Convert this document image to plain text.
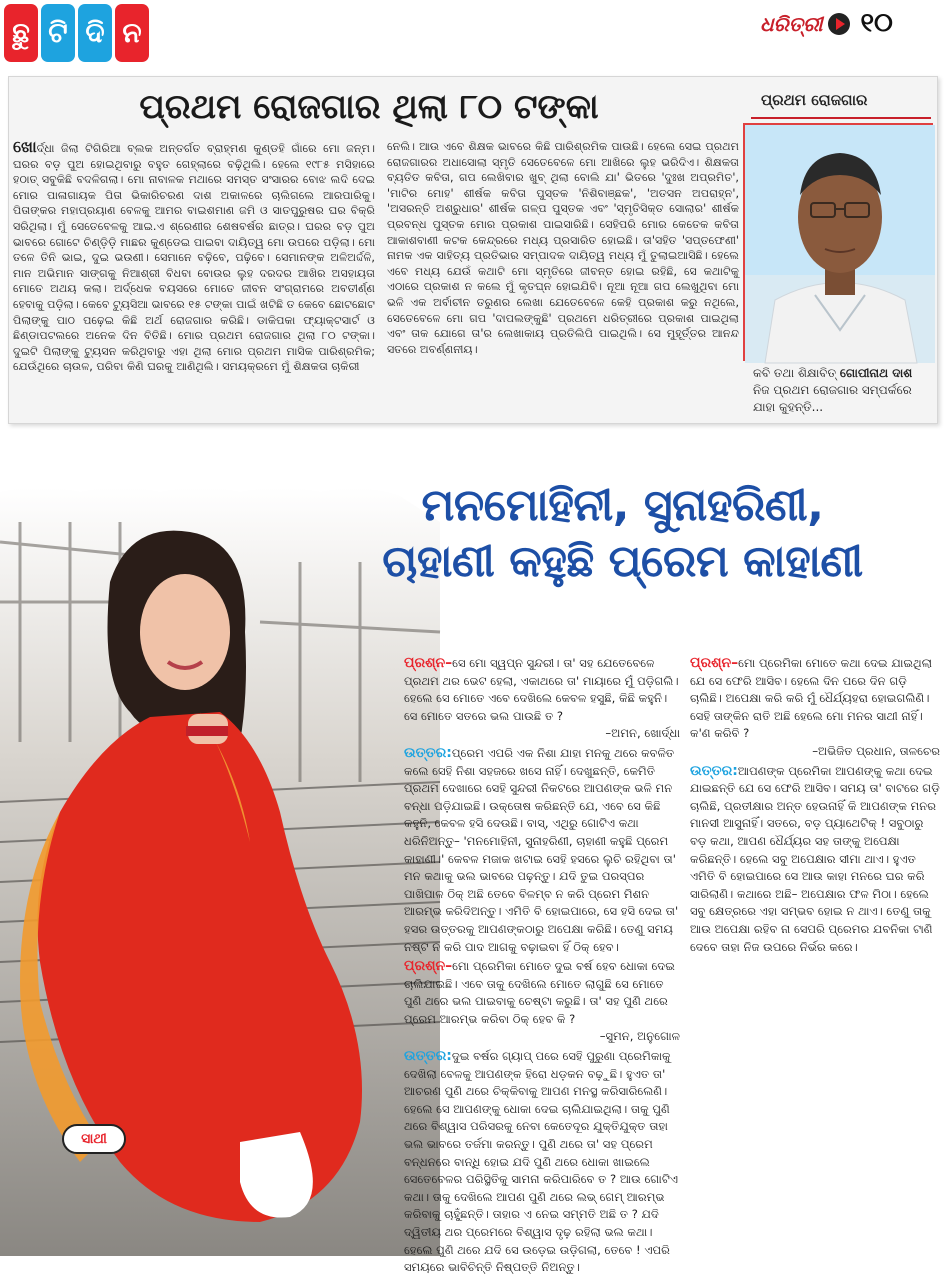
ଛୁ ଟି ଦି ନ	ଧରିତ୍ରୀ ୧୦
ପ୍ରଥମ ରୋଜଗାର ଥିଲା ୮୦ ଟଙ୍କା	ପ୍ରଥମ ରୋଜଗାର
ଖୋର୍ଦ୍ଧା ଜିଲା ଟିଗିରିଆ ବ୍ଲକ ଅନ୍ତର୍ଗତ ବ୍ରାହ୍ମଣ କୁଣ୍ଡହି ଗାଁରେ ମୋ ଜନ୍ମ। ଘରର ବଡ଼ ପୁଅ ହୋଇଥିବାରୁ ବହୁତ ଗେହ୍ଲାରେ ବଢ଼ିଥିଲି। ହେଲେ ୧୯୮୫ ମସିହାରେ ହଠାତ୍ ସବୁକିଛି ବଦଳିଗଲା। ମୋ ନାବାଳକ ମଥାରେ ସମସ୍ତ ସଂସାରର ବୋଝ ଲଦି ଦେଇ ମୋର ପାଳାଗାୟକ ପିତା ଭିକାରିଚରଣ ଦାଶ ଅକାଳରେ ଚାଲିଗଲେ ଆରପାରିକୁ। ପିତାଙ୍କର ମହାପ୍ରୟାଣ ବେଳକୁ ଆମର ବାଇଶମାଣ ଜମି ଓ ସାତପୁରୁଷର ଘର ବିକ୍ରି ସରିଥିଲା। ମୁଁ ସେତେବେଳକୁ ଆଇ.ଏ ଶ୍ରେଣୀର ଶେଷବର୍ଷର ଛାତ୍ର। ଘରର ବଡ଼ ପୁଅ ଭାବରେ ଗୋଟେ ଚିଣ୍ଡ଼ିଡ଼ି ମାଛର କୁଣ୍ଡେଇ ପାଇବା ଦାୟିତ୍ୱ ମୋ ଉପରେ ପଡ଼ିଲା। ମୋ ତଳେ ତିନି ଭାଇ, ଦୁଇ ଭଉଣୀ। ସେମାନେ ବଢ଼ିବେ, ପଢ଼ିବେ। ସେମାନଙ୍କ ଅଳିଅର୍ଦ୍ଦଳି, ମାନ ଅଭିମାନ ସାଙ୍ଗକୁ ନିଆଶ୍ରୀ ବିଧବା ବୋଉର ଲୁହ ଦରଦର ଆଖିର ଅସହାୟତା ମୋତେ ଅଥୟ କଲା। ଅର୍ଦ୍ଧେକ ବୟସରେ ମୋତେ ଜୀବନ ସଂଗ୍ରାମରେ ଅବତୀର୍ଣ୍ଣ ହେବାକୁ ପଡ଼ିଲା। କେବେ ଟ୍ୟୁସିଆ ଭାବରେ ୧୫ ଟଙ୍କା ପାଇଁ ଖଟିଛି ତ କେବେ ଛୋଟଛୋଟ ପିଲାଙ୍କୁ ପାଠ ପଢ଼େଇ କିଛି ଅର୍ଥ ରୋଜଗାର କରିଛି। ଡାକିପକା ଫ୍ୟାକ୍ଟସାର୍ଟ ଓ ଛିଣ୍ଡାପଟଲରେ ଅନେକ ଦିନ ବିତିଛି। ମୋର ପ୍ରଥମ ରୋଜଗାର ଥିଲା ୮୦ ଟଙ୍କା। ଦୁଇଟି ପିଲାଙ୍କୁ ଟ୍ୟୁସନ କରିଥିବାରୁ ଏହା ଥିଲା ମୋର ପ୍ରଥମ ମାସିକ ପାରିଶ୍ରମିକ; ଯେଉଁଥିରେ ଚାଉଳ, ପରିବା କିଣି ଘରକୁ ଆଣିଥିଲି। ସମୟକ୍ରମେ ମୁଁ ଶିକ୍ଷକତା ଚାକିରୀ
ନେଲି। ଆଉ ଏବେ ଶିକ୍ଷକ ଭାବରେ କିଛି ପାରିଶ୍ରମିକ ପାଉଛି। ହେଲେ ସେଇ ପ୍ରଥମ ରୋଜଗାରର ଅଧାସୋଲା ସ୍ମୃତି ସେତେବେଳେ ମୋ ଆଖିରେ ଲୁହ ଭରିଦିଏ। ଶିକ୍ଷକତା ବ୍ୟତିତ କବିତା, ଗପ ଲେଖିବାର ଖୁବ୍ ଥିଲା ବୋଲି ଯା' ଭିତରେ 'ଦୁଃଖ ଅପ୍ରମିତ', 'ମାଟିର ମୋହ' ଶୀର୍ଷକ କବିତା ପୁସ୍ତକ 'ନିଶିବାଞ୍ଛକ', 'ଅତସନ ଅପରାହ୍ନ', 'ଅସରନ୍ତି ଅଶ୍ରୁଧାର' ଶୀର୍ଷକ ଗଳ୍ପ ପୁସ୍ତକ ଏବଂ 'ସ୍ମୃତିସିକ୍ତ ସୋଲାର' ଶୀର୍ଷକ ପ୍ରବନ୍ଧ ପୁସ୍ତକ ମୋର ପ୍ରକାଶ ପାଇସାରିଛି। ସେହିପରି ମୋର କେତେକ କବିତା ଆକାଶବାଣୀ କଟକ କେନ୍ଦ୍ରରେ ମଧ୍ୟ ପ୍ରସାରିତ ହୋଇଛି। ତା'ସହିତ 'ସପ୍ତଫେଣୀ' ନାମକ ଏକ ସାହିତ୍ୟ ପ୍ରତିଭାର ସମ୍ପାଦକ ଦାୟିତ୍ୱ ମଧ୍ୟ ମୁଁ ତୁଲାଇଆସିଛି। ହେଲେ ଏବେ ମଧ୍ୟ ଯେଉଁ କଥାଟି ମୋ ସ୍ମୃତିରେ ଜୀବନ୍ତ ହୋଇ ରହିଛି, ସେ କଥାଟିକୁ ଏଠାରେ ପ୍ରକାଶ ନ କଲେ ମୁଁ କୃତଘ୍ନ ହୋଇଯିବି। ନୂଆ ନୂଆ ଗପ ଲେଖୁଥିବା ମୋ ଭଳି ଏକ ଅର୍ବାଚୀନ ତରୁଣର ଲେଖା ଯେତେବେଳେ କେହି ପ୍ରକାଶ କରୁ ନଥିଲେ, ସେତେବେଳେ ମୋ ଗପ 'ଦାପଲଙ୍କୁଛି' ପ୍ରଥମେ ଧରିତ୍ରୀରେ ପ୍ରକାଶ ପାଇଥିଲା ଏବଂ ତାକ ଯୋଗେ ତା'ର ଲେଖାକାୟ ପ୍ରତିଲିପି ପାଇଥିଲି। ସେ ମୁହୂର୍ତ୍ତର ଆନନ୍ଦ ସତରେ ଅବର୍ଣ୍ଣନୀୟ।
କବି ତଥା ଶିକ୍ଷାବିତ୍ ଗୋପୀନାଥ ଦାଶ ନିଜ ପ୍ରଥମ ରୋଜଗାର ସମ୍ପର୍କରେ ଯାହା କୁହନ୍ତି...
ମନମୋହିନୀ, ସୁନାହରିଣୀ,
ଚାହାଣୀ କହୁଛି ପ୍ରେମ କାହାଣୀ

ପ୍ରଶ୍ନ–ସେ ମୋ ସ୍ୱପ୍ନ ସୁନ୍ଦରୀ। ତା' ସହ ଯେତେବେଳେ ପ୍ରଥମ ଥର ଭେଟ ହେଲା, ଏକାଥରେ ତା' ମାୟାରେ ମୁଁ ପଡ଼ିଗଲି। ହେଲେ ସେ ମୋତେ ଏବେ ଦେଖିଲେ କେବଳ ହସୁଛି, କିଛି କହୁନି। ସେ ମୋତେ ସତରେ ଭଲ ପାଉଛି ତ ?
–ଅମନ, ଖୋର୍ଦ୍ଧା

ଉତ୍ତର:ପ୍ରେମ ଏପରି ଏକ ନିଶା ଯାହା ମନକୁ ଥରେ କବଳିତ କଲେ ସେହି ନିଶା ସହଜରେ ଖସେ ନାହିଁ। ଦେଖୁଛନ୍ତି, କେମିତି ପ୍ରଥମ ଦେଖାରେ ସେହି ସୁନ୍ଦରୀ ନିକଟରେ ଆପଣଙ୍କ ଭଳି ମନ ବନ୍ଧା ପଡ଼ିଯାଇଛି। ଉକ୍ତୋଷ କରିଛନ୍ତି ଯେ, ଏବେ ସେ କିଛି କହୁନି, କେବଳ ହସି ଦେଉଛି। ବାସ୍, ଏଥିରୁ ଗୋଟିଏ କଥା ଧରିନିଅନ୍ତୁ– 'ମନମୋହିନୀ, ସୁନାହରିଣୀ, ଚାହାଣୀ କହୁଛି ପ୍ରେମ କାହାଣୀ।' କେବଳ ମଜାକ ଖଟାଇ ସେହି ହସରେ ଲୁଚି ରହିଥିବା ତା' ମନ କଥାକୁ ଭଲ ଭାବରେ ପଢ଼ନ୍ତୁ। ଯଦି ତୁଇ ପରସ୍ପର ପାଖିପାଳ ଠିକ୍ ଅଛି ତେବେ ବିଳମ୍ବ ନ କରି ପ୍ରେମ ମିଶନ ଆରମ୍ଭ କରିଦିଅନ୍ତୁ। ଏମିତି ବି ହୋଇପାରେ, ସେ ହସି ଦେଇ ତା' ହସର ଉତ୍ତରକୁ ଆପଣଙ୍କଠାରୁ ଅପେକ୍ଷା କରିଛି। ତେଣୁ ସମୟ ନଷ୍ଟ ନ କରି ପାଦ ଆଗକୁ ବଢ଼ାଇବା ହିଁ ଠିକ୍ ହେବ।

ପ୍ରଶ୍ନ–ମୋ ପ୍ରେମିକା ମୋତେ ଦୁଇ ବର୍ଷ ହେବ ଧୋକା ଦେଇ ଚାଲିଯାଇଛି। ଏବେ ତାକୁ ଦେଖିଲେ ମୋତେ ଲାଗୁଛି ସେ ମୋତେ ପୁଣି ଥରେ ଭଲ ପାଇବାକୁ ଚେଷ୍ଟା କରୁଛି। ତା' ସହ ପୁଣି ଥରେ ପ୍ରେମ ଆରମ୍ଭ କରିବା ଠିକ୍ ହେବ କି ?
–ସୁମନ, ଅନୁଗୋଳ

ଉତ୍ତର:ଦୁଇ ବର୍ଷର ଗ୍ୟାପ୍ ପରେ ସେହି ପୁରୁଣା ପ୍ରେମିକାକୁ ଦେଖିଲା ବେଳକୁ ଆପଣଙ୍କ ହିରୋ ଧଡ଼କନ ବଢ଼ୁଛି। ହୁଏତ ତା' ଆଚରଣ ପୁଣି ଥରେ ଚିକ୍କିବାକୁ ଆପଣ ମନସ୍ଥ କରିସାରିଲେଣି। ହେଲେ ସେ ଆପଣଙ୍କୁ ଧୋକା ଦେଇ ଚାଲିଯାଇଥିଲା। ତାକୁ ପୁଣି ଥରେ ବିଶ୍ୱାସ ପରିସରକୁ ନେବା କେତେଦୂର ଯୁକ୍ତିଯୁକ୍ତ ତାହା ଭଲ ଭାବରେ ତର୍ଜମା କରନ୍ତୁ। ପୁଣି ଥରେ ତା' ସହ ପ୍ରେମ ବନ୍ଧନରେ ବାନ୍ଧି ହୋଇ ଯଦି ପୁଣି ଥରେ ଧୋକା ଖାଇଲେ ସେତେବେଳର ପରିସ୍ଥିତିକୁ ସାମନା କରିପାରିବେ ତ ? ଆଉ ଗୋଟିଏ କଥା। ତାକୁ ଦେଖିଲେ ଆପଣ ପୁଣି ଥରେ ଲଭ୍ ଗେମ୍ ଆରମ୍ଭ କରିବାକୁ ଚାହୁଁଛନ୍ତି। ତାହାର ଏ ନେଇ ସମ୍ମତି ଅଛି ତ ? ଯଦି ଦ୍ୱିତୀୟ ଥର ପ୍ରେମରେ ବିଶ୍ୱାସ ଦୃଢ଼ ରହିଲା ଭଲ କଥା। ହେଲେ ପୁଣି ଥରେ ଯଦି ସେ ଉଡ଼େଇ ଉଡ଼ିଗଲା, ତେବେ ! ଏପରି ସମୟରେ ଭାବିଚିନ୍ତି ନିଷ୍ପତ୍ତି ନିଅନ୍ତୁ।

ପ୍ରଶ୍ନ–ମୋ ପ୍ରେମିକା ମୋତେ କଥା ଦେଇ ଯାଇଥିଲା ଯେ ସେ ଫେରି ଆସିବ। ହେଲେ ଦିନ ପରେ ଦିନ ଗଡ଼ି ଚାଲିଛି। ଅପେକ୍ଷା କରି କରି ମୁଁ ଧୈର୍ଯ୍ୟହରା ହୋଇଗଲିଣି। ସେହି ତାଙ୍କିନ ରାତି ଅଛି ହେଲେ ମୋ ମନର ସାଥୀ ନାହିଁ। କ'ଣ କରିବି ?
–ଅଭିଜିତ ପ୍ରଧାନ, ତାଳଚେର

ଉତ୍ତର:ଆପଣଙ୍କ ପ୍ରେମିକା ଆପଣଙ୍କୁ କଥା ଦେଇ ଯାଇଛନ୍ତି ଯେ ସେ ଫେରି ଆସିବ। ସମୟ ତା' ବାଟରେ ଗଡ଼ି ଚାଲିଛି, ପ୍ରତୀକ୍ଷାର ଅନ୍ତ ହେଉନାହିଁ କି ଆପଣଙ୍କ ମନର ମାନସୀ ଆସୁନାହିଁ। ସତରେ, ବଡ଼ ପ୍ୟାଥେଟିକ୍ ! ସବୁଠାରୁ ବଡ଼ କଥା, ଆପଣ ଧୈର୍ଯ୍ୟର ସହ ତାଙ୍କୁ ଅପେକ୍ଷା କରିଛନ୍ତି। ହେଲେ ସବୁ ଅପେକ୍ଷାର ସୀମା ଥାଏ। ହୁଏତ ଏମିତି ବି ହୋଇପାରେ ସେ ଆଉ କାହା ମନରେ ଘର କରି ସାରିଲାଣି। କଥାରେ ଅଛି– ଅପେକ୍ଷାର ଫଳ ମିଠା। ହେଲେ ସବୁ କ୍ଷେତ୍ରରେ ଏହା ସମ୍ଭବ ହୋଇ ନ ଥାଏ। ତେଣୁ ତାକୁ ଆଉ ଅପେକ୍ଷା ରହିବ ନା ସେପରି ପ୍ରେମର ଯବନିକା ଟାଣି ଦେବେ ତାହା ନିଜ ଉପରେ ନିର୍ଭର କରେ।

ସାଥୀ
